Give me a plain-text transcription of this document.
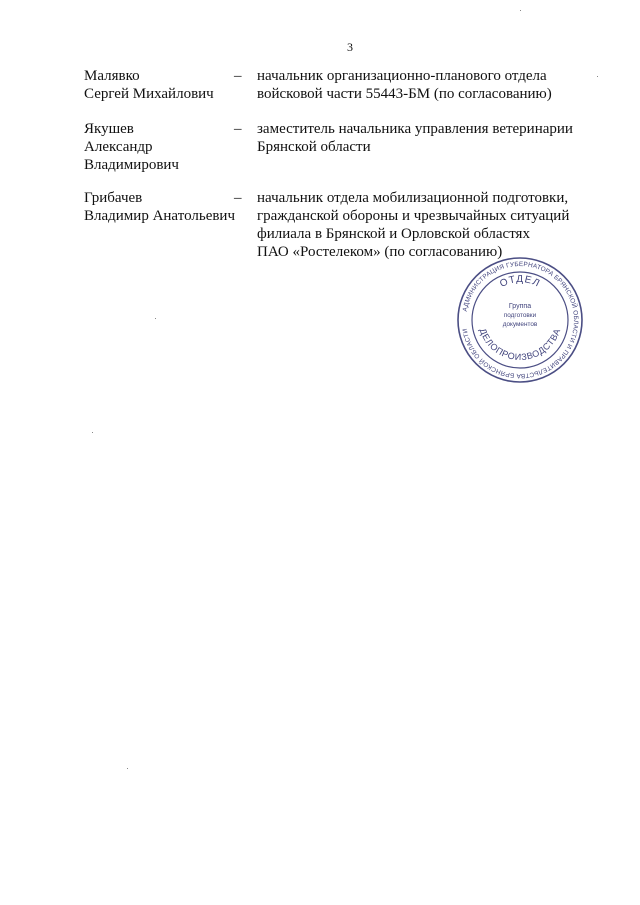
3
Малявко
Сергей Михайлович
– начальник организационно-планового отдела
войсковой части 55443-БМ (по согласованию)
Якушев
Александр
Владимирович
– заместитель начальника управления ветеринарии
Брянской области
Грибачев
Владимир Анатольевич
– начальник отдела мобилизационной подготовки,
гражданской обороны и чрезвычайных ситуаций
филиала в Брянской и Орловской областях
ПАО «Ростелеком» (по согласованию)
АДМИНИСТРАЦИЯ ГУБЕРНАТОРА БРЯНСКОЙ ОБЛАСТИ И ПРАВИТЕЛЬСТВА БРЯНСКОЙ ОБЛАСТИ
ОТДЕЛ
ДЕЛОПРОИЗВОДСТВА
Группа
подготовки
документов
